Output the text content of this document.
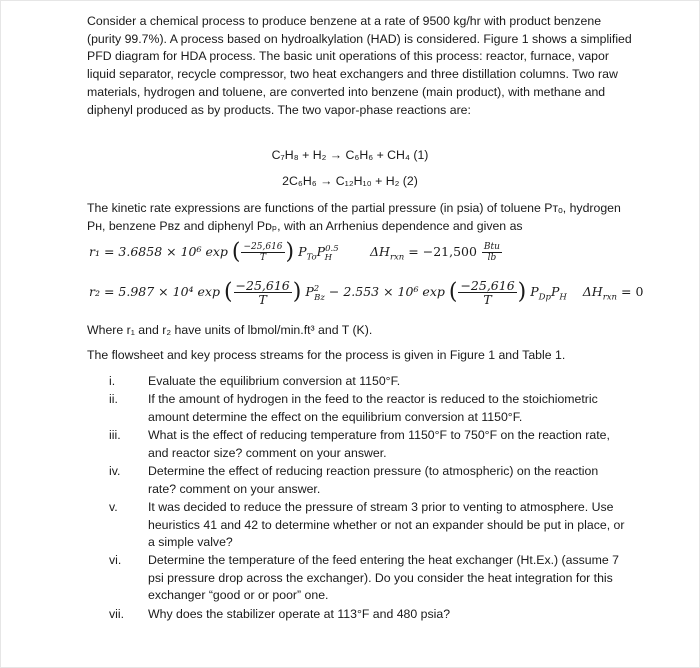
Consider a chemical process to produce benzene at a rate of 9500 kg/hr with product benzene (purity 99.7%). A process based on hydroalkylation (HAD) is considered. Figure 1 shows a simplified PFD diagram for HDA process. The basic unit operations of this process: reactor, furnace, vapor liquid separator, recycle compressor, two heat exchangers and three distillation columns. Two raw materials, hydrogen and toluene, are converted into benzene (main product), with methane and diphenyl produced as by products. The two vapor-phase reactions are:

C₇H₈ + H₂ → C₆H₆ + CH₄ (1)
2C₆H₆ → C₁₂H₁₀ + H₂ (2)

The kinetic rate expressions are functions of the partial pressure (in psia) of toluene Pᴛₒ, hydrogen Pʜ, benzene Pʙz and diphenyl Pᴅₚ, with an Arrhenius dependence and given as

r₁ = 3.6858 × 10⁶ exp ( $\frac{-25,616}{T}$ ) $P_{To}P^{0.5}_H$	$\Delta H_{rxn} = -21,500 \frac{\text{Btu}}{lb}$
r₂ = 5.987 × 10⁴ exp ( $\frac{-25,616}{T}$ ) $P^2_{Bz} - 2.553 \times 10^6$ exp ( $\frac{-25,616}{T}$ ) $P_{Dp}P_H$ $\Delta H_{rxn} = 0$

Where r₁ and r₂ have units of lbmol/min.ft³ and T (K).

The flowsheet and key process streams for the process is given in Figure 1 and Table 1.

i.	Evaluate the equilibrium conversion at 1150°F.
ii.	If the amount of hydrogen in the feed to the reactor is reduced to the stoichiometric amount determine the effect on the equilibrium conversion at 1150°F.
iii.	What is the effect of reducing temperature from 1150°F to 750°F on the reaction rate, and reactor size? comment on your answer.
iv.	Determine the effect of reducing reaction pressure (to atmospheric) on the reaction rate? comment on your answer.
v.	It was decided to reduce the pressure of stream 3 prior to venting to atmosphere. Use heuristics 41 and 42 to determine whether or not an expander should be put in place, or a simple valve?
vi.	Determine the temperature of the feed entering the heat exchanger (Ht.Ex.) (assume 7 psi pressure drop across the exchanger). Do you consider the heat integration for this exchanger “good or or poor” one.
vii.	Why does the stabilizer operate at 113°F and 480 psia?
